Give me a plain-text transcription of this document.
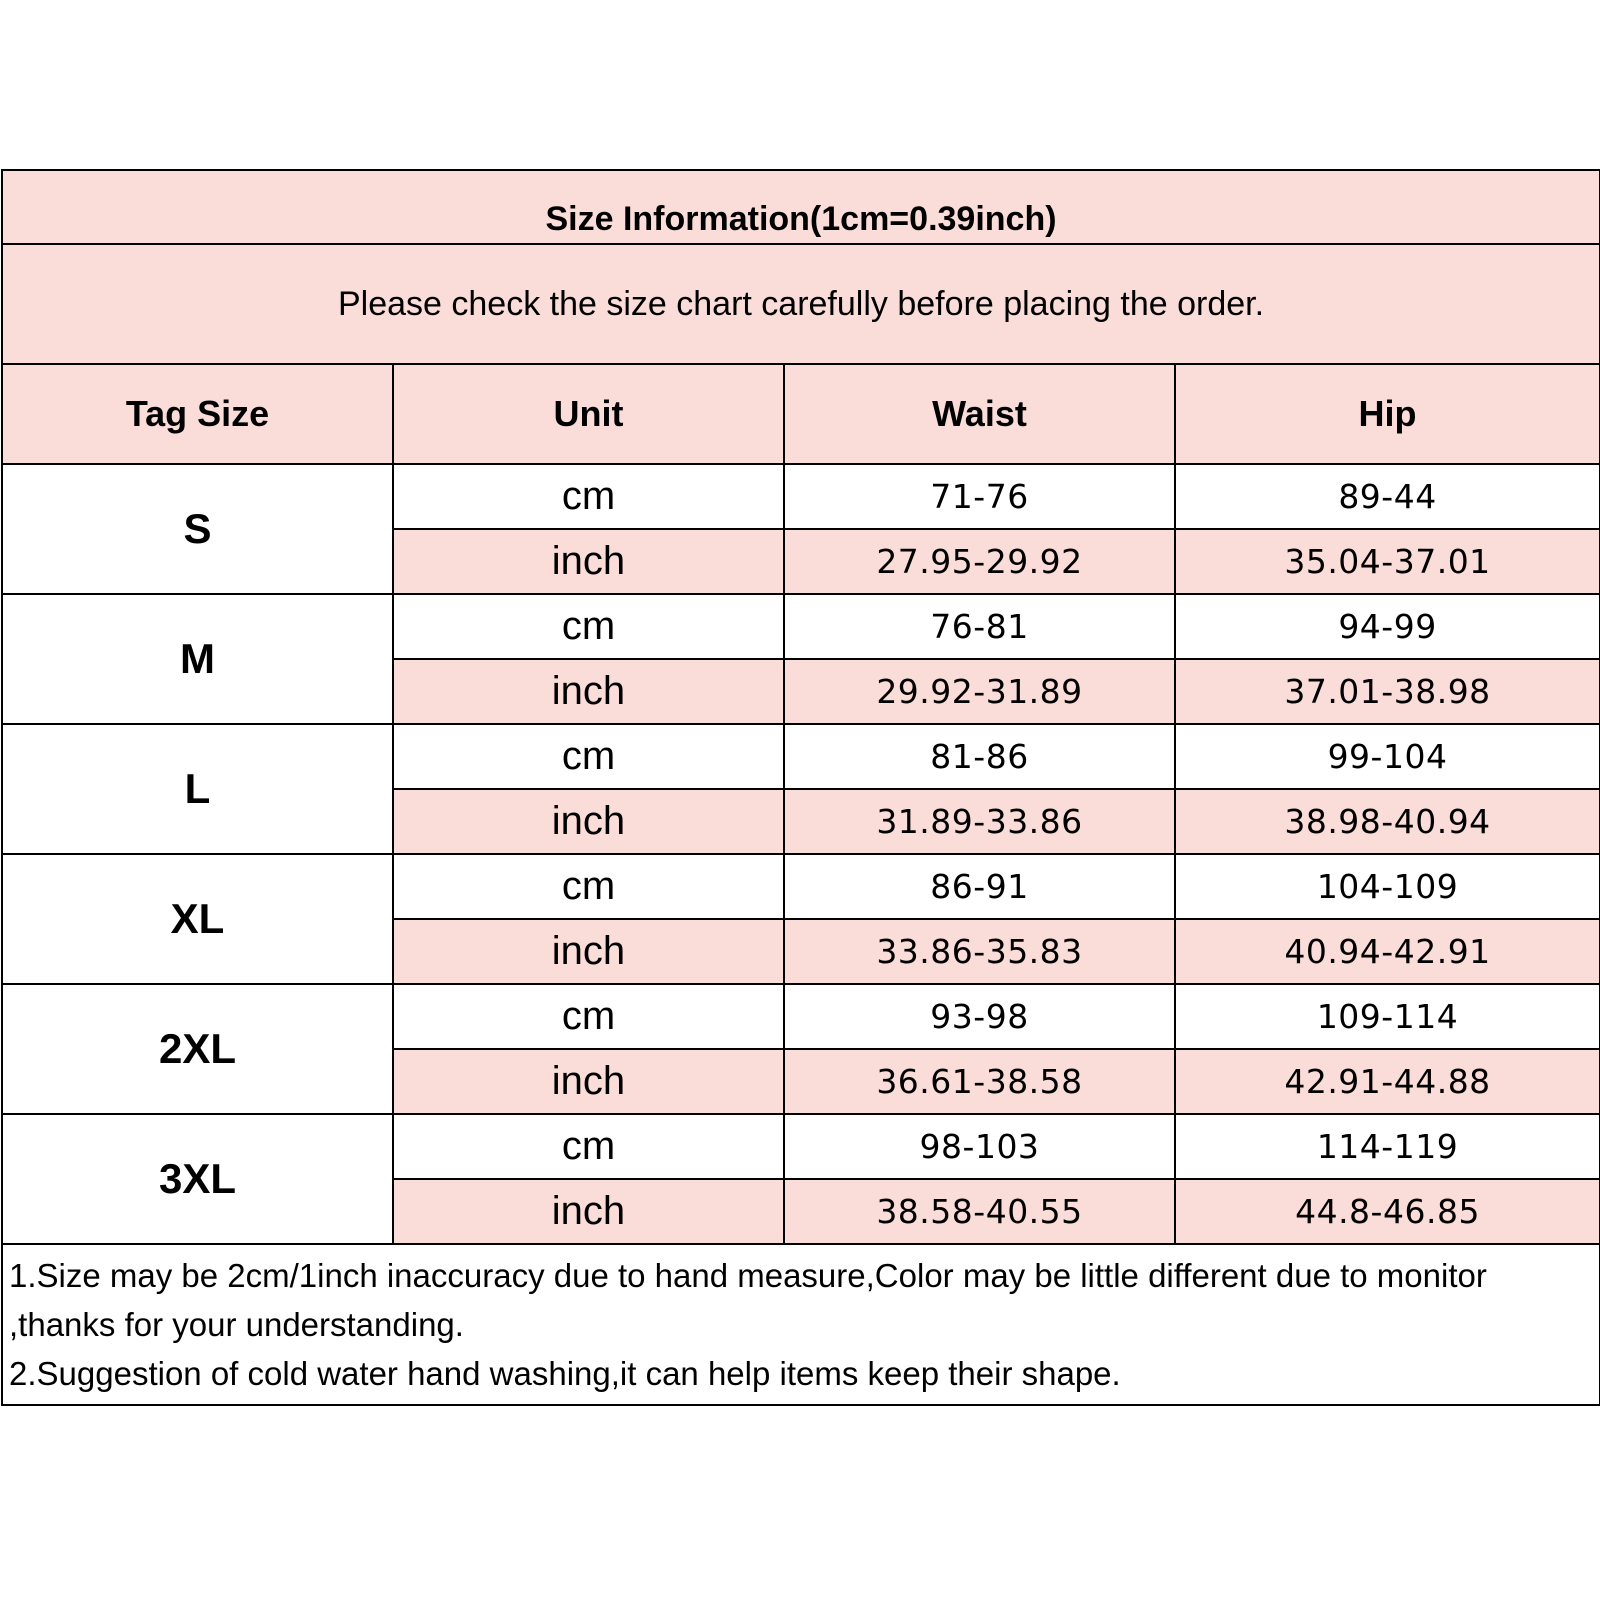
Size Information(1cm=0.39inch)			
Please check the size chart carefully before placing the order.			
Tag Size	Unit	Waist	Hip
S	cm	71-76	89-44
	inch	27.95-29.92	35.04-37.01
M	cm	76-81	94-99
	inch	29.92-31.89	37.01-38.98
L	cm	81-86	99-104
	inch	31.89-33.86	38.98-40.94
XL	cm	86-91	104-109
	inch	33.86-35.83	40.94-42.91
2XL	cm	93-98	109-114
	inch	36.61-38.58	42.91-44.88
3XL	cm	98-103	114-119
	inch	38.58-40.55	44.8-46.85

1.Size may be 2cm/1inch inaccuracy due to hand measure,Color may be little different due to monitor ,thanks for your understanding.
2.Suggestion of cold water hand washing,it can help items keep their shape.			
